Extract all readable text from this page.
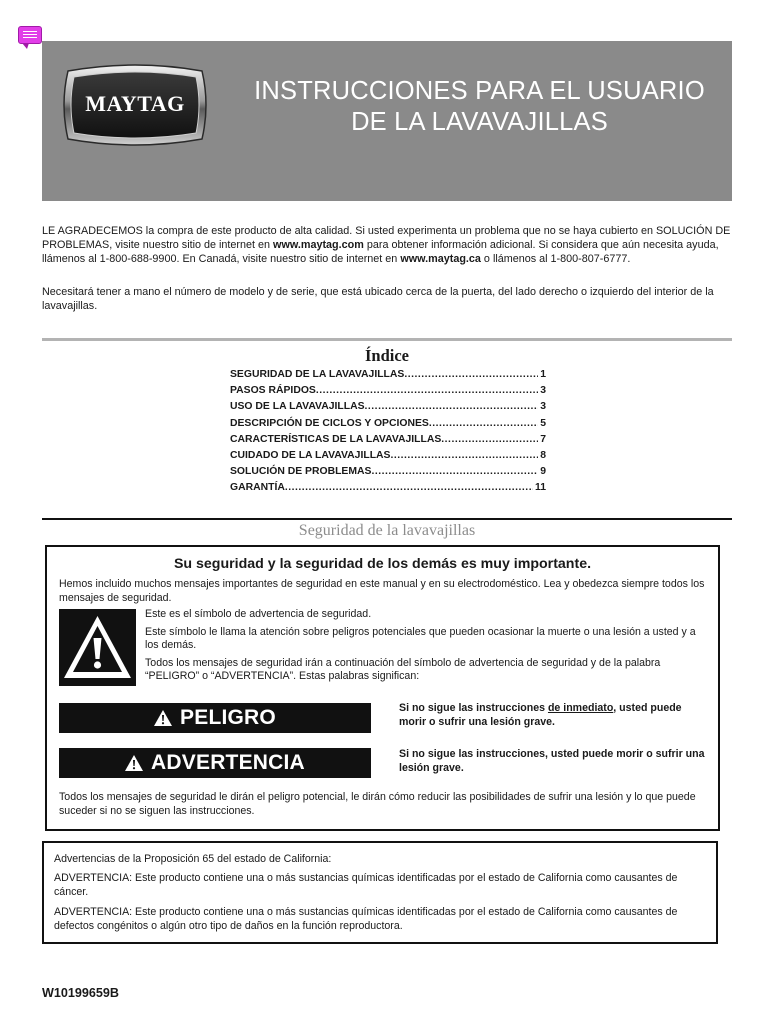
MAYTAG	INSTRUCCIONES PARA EL USUARIO
DE LA LAVAVAJILLAS

LE AGRADECEMOS la compra de este producto de alta calidad. Si usted experimenta un problema que no se haya cubierto en SOLUCIÓN DE PROBLEMAS, visite nuestro sitio de internet en www.maytag.com para obtener información adicional. Si considera que aún necesita ayuda, llámenos al 1-800-688-9900. En Canadá, visite nuestro sitio de internet en www.maytag.ca o llámenos al 1-800-807-6777.

Necesitará tener a mano el número de modelo y de serie, que está ubicado cerca de la puerta, del lado derecho o izquierdo del interior de la lavavajillas.

Índice
SEGURIDAD DE LA LAVAVAJILLAS .....	1
PASOS RÁPIDOS .....	3
USO DE LA LAVAVAJILLAS .....	3
DESCRIPCIÓN DE CICLOS Y OPCIONES .....	5
CARACTERÍSTICAS DE LA LAVAVAJILLAS .....	7
CUIDADO DE LA LAVAVAJILLAS .....	8
SOLUCIÓN DE PROBLEMAS .....	9
GARANTÍA .....	11
Seguridad de la lavavajillas
Su seguridad y la seguridad de los demás es muy importante.

Hemos incluido muchos mensajes importantes de seguridad en este manual y en su electrodoméstico. Lea y obedezca siempre todos los mensajes de seguridad.

Este es el símbolo de advertencia de seguridad.

Este símbolo le llama la atención sobre peligros potenciales que pueden ocasionar la muerte o una lesión a usted y a los demás.

Todos los mensajes de seguridad irán a continuación del símbolo de advertencia de seguridad y de la palabra “PELIGRO” o “ADVERTENCIA”. Estas palabras significan:

PELIGRO	Si no sigue las instrucciones de inmediato, usted puede morir o sufrir una lesión grave.
ADVERTENCIA	Si no sigue las instrucciones, usted puede morir o sufrir una lesión grave.

Todos los mensajes de seguridad le dirán el peligro potencial, le dirán cómo reducir las posibilidades de sufrir una lesión y lo que puede suceder si no se siguen las instrucciones.

Advertencias de la Proposición 65 del estado de California:

ADVERTENCIA: Este producto contiene una o más sustancias químicas identificadas por el estado de California como causantes de cáncer.

ADVERTENCIA: Este producto contiene una o más sustancias químicas identificadas por el estado de California como causantes de defectos congénitos o algún otro tipo de daños en la función reproductora.

W10199659B
